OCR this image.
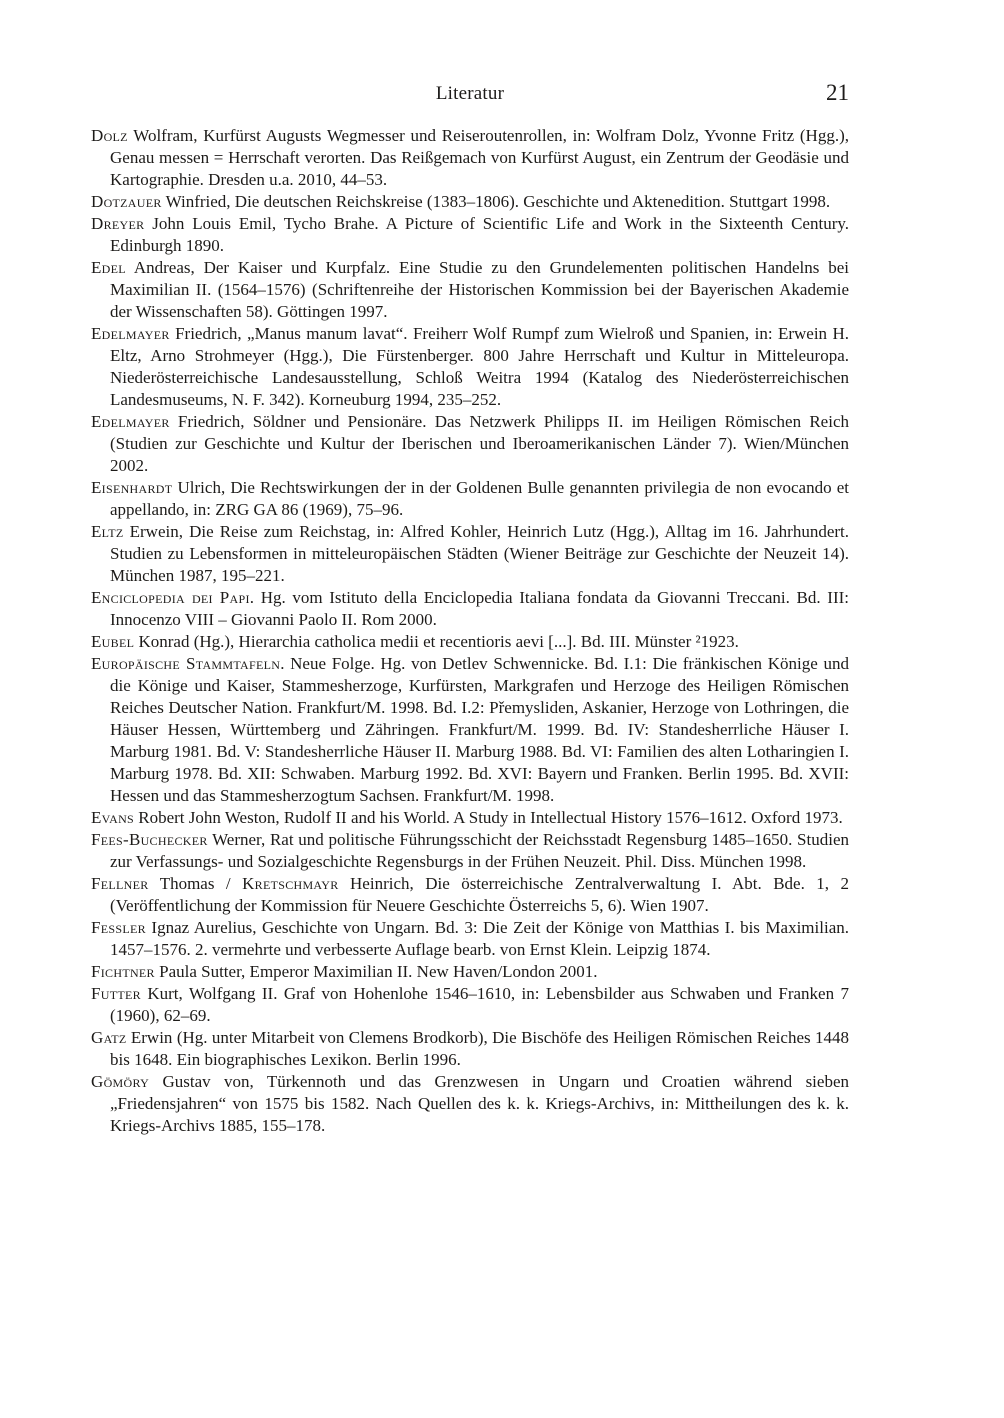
Literatur	21

Dolz Wolfram, Kurfürst Augusts Wegmesser und Reiseroutenrollen, in: Wolfram Dolz, Yvonne Fritz (Hgg.), Genau messen = Herrschaft verorten. Das Reißgemach von Kurfürst August, ein Zentrum der Geodäsie und Kartographie. Dresden u.a. 2010, 44–53.

Dotzauer Winfried, Die deutschen Reichskreise (1383–1806). Geschichte und Aktenedition. Stuttgart 1998.

Dreyer John Louis Emil, Tycho Brahe. A Picture of Scientific Life and Work in the Sixteenth Century. Edinburgh 1890.

Edel Andreas, Der Kaiser und Kurpfalz. Eine Studie zu den Grundelementen politischen Handelns bei Maximilian II. (1564–1576) (Schriftenreihe der Historischen Kommission bei der Bayerischen Akademie der Wissenschaften 58). Göttingen 1997.

Edelmayer Friedrich, „Manus manum lavat“. Freiherr Wolf Rumpf zum Wielroß und Spanien, in: Erwein H. Eltz, Arno Strohmeyer (Hgg.), Die Fürstenberger. 800 Jahre Herrschaft und Kultur in Mitteleuropa. Niederösterreichische Landesausstellung, Schloß Weitra 1994 (Katalog des Niederösterreichischen Landesmuseums, N. F. 342). Korneuburg 1994, 235–252.

Edelmayer Friedrich, Söldner und Pensionäre. Das Netzwerk Philipps II. im Heiligen Römischen Reich (Studien zur Geschichte und Kultur der Iberischen und Iberoamerikanischen Länder 7). Wien/München 2002.

Eisenhardt Ulrich, Die Rechtswirkungen der in der Goldenen Bulle genannten privilegia de non evocando et appellando, in: ZRG GA 86 (1969), 75–96.

Eltz Erwein, Die Reise zum Reichstag, in: Alfred Kohler, Heinrich Lutz (Hgg.), Alltag im 16. Jahrhundert. Studien zu Lebensformen in mitteleuropäischen Städten (Wiener Beiträge zur Geschichte der Neuzeit 14). München 1987, 195–221.

Enciclopedia dei Papi. Hg. vom Istituto della Enciclopedia Italiana fondata da Giovanni Treccani. Bd. III: Innocenzo VIII – Giovanni Paolo II. Rom 2000.

Eubel Konrad (Hg.), Hierarchia catholica medii et recentioris aevi [...]. Bd. III. Münster ²1923.

Europäische Stammtafeln. Neue Folge. Hg. von Detlev Schwennicke. Bd. I.1: Die fränkischen Könige und die Könige und Kaiser, Stammesherzoge, Kurfürsten, Markgrafen und Herzoge des Heiligen Römischen Reiches Deutscher Nation. Frankfurt/M. 1998. Bd. I.2: Přemysliden, Askanier, Herzoge von Lothringen, die Häuser Hessen, Württemberg und Zähringen. Frankfurt/M. 1999. Bd. IV: Standesherrliche Häuser I. Marburg 1981. Bd. V: Standesherrliche Häuser II. Marburg 1988. Bd. VI: Familien des alten Lotharingien I. Marburg 1978. Bd. XII: Schwaben. Marburg 1992. Bd. XVI: Bayern und Franken. Berlin 1995. Bd. XVII: Hessen und das Stammesherzogtum Sachsen. Frankfurt/M. 1998.

Evans Robert John Weston, Rudolf II and his World. A Study in Intellectual History 1576–1612. Oxford 1973.

Fees-Buchecker Werner, Rat und politische Führungsschicht der Reichsstadt Regensburg 1485–1650. Studien zur Verfassungs- und Sozialgeschichte Regensburgs in der Frühen Neuzeit. Phil. Diss. München 1998.

Fellner Thomas / Kretschmayr Heinrich, Die österreichische Zentralverwaltung I. Abt. Bde. 1, 2 (Veröffentlichung der Kommission für Neuere Geschichte Österreichs 5, 6). Wien 1907.

Fessler Ignaz Aurelius, Geschichte von Ungarn. Bd. 3: Die Zeit der Könige von Matthias I. bis Maximilian. 1457–1576. 2. vermehrte und verbesserte Auflage bearb. von Ernst Klein. Leipzig 1874.

Fichtner Paula Sutter, Emperor Maximilian II. New Haven/London 2001.

Futter Kurt, Wolfgang II. Graf von Hohenlohe 1546–1610, in: Lebensbilder aus Schwaben und Franken 7 (1960), 62–69.

Gatz Erwin (Hg. unter Mitarbeit von Clemens Brodkorb), Die Bischöfe des Heiligen Römischen Reiches 1448 bis 1648. Ein biographisches Lexikon. Berlin 1996.

Gömöry Gustav von, Türkennoth und das Grenzwesen in Ungarn und Croatien während sieben „Friedensjahren“ von 1575 bis 1582. Nach Quellen des k. k. Kriegs-Archivs, in: Mittheilungen des k. k. Kriegs-Archivs 1885, 155–178.
